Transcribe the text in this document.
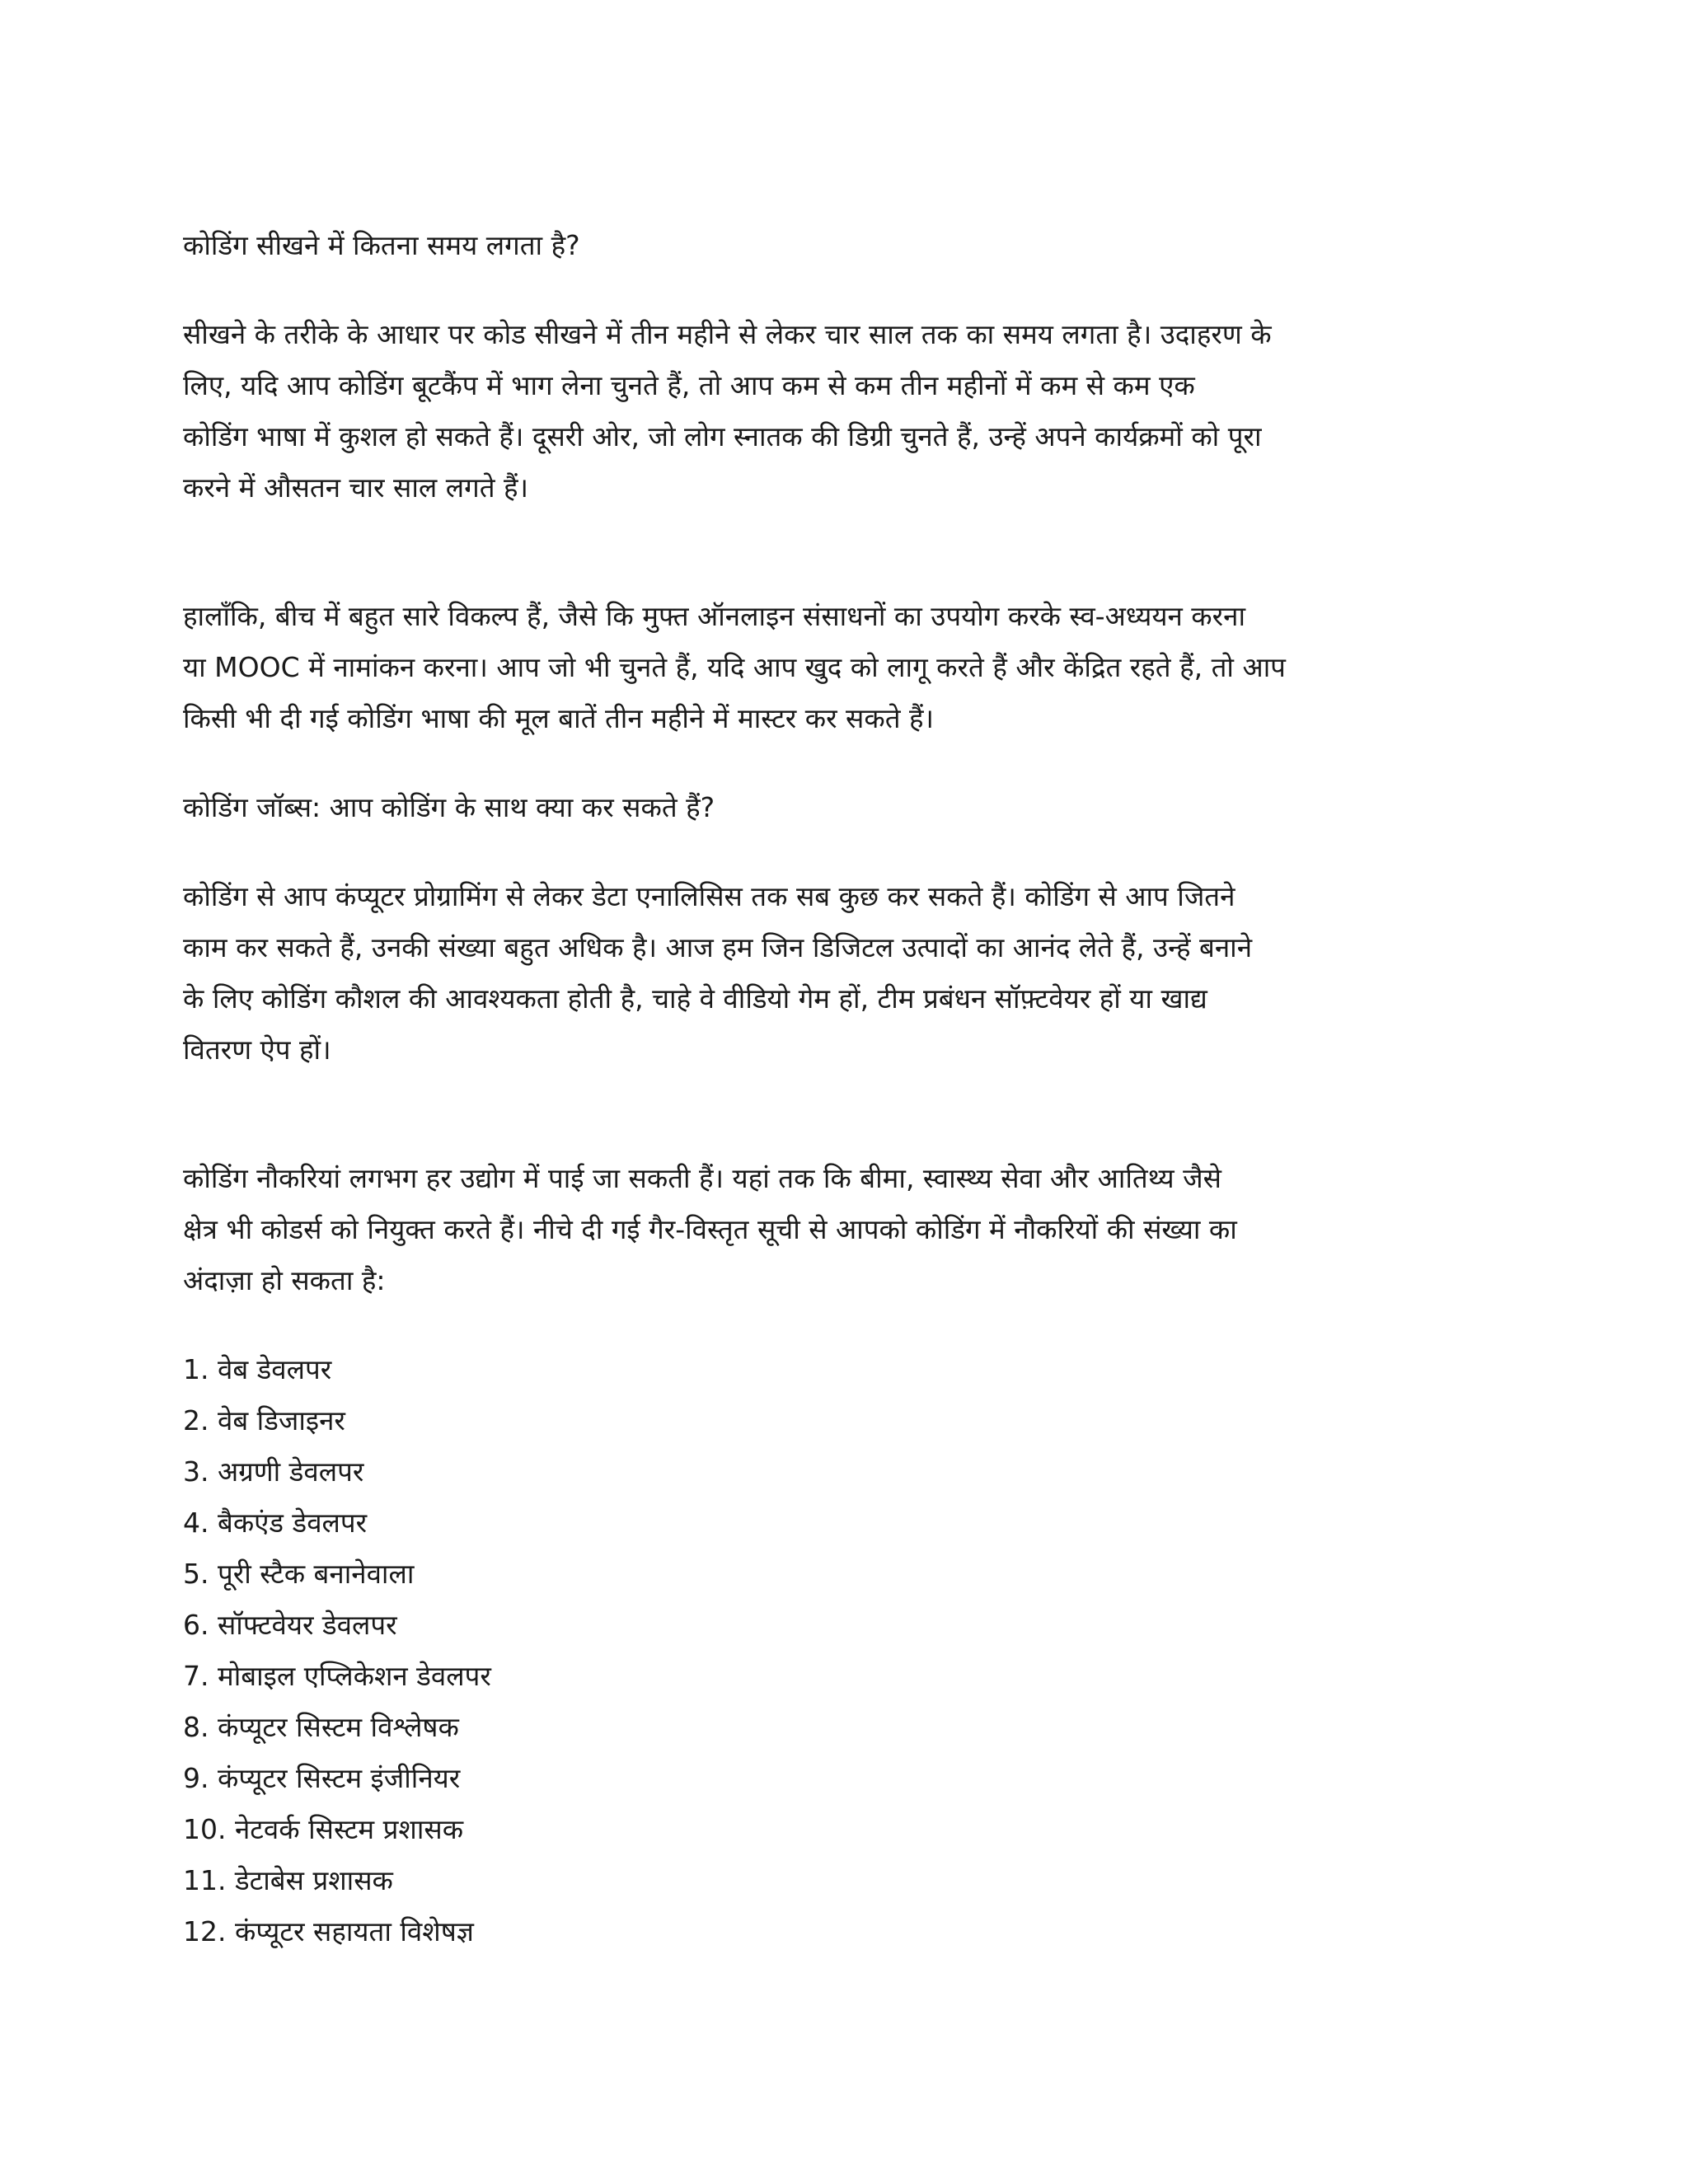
कोडिंग सीखने में कितना समय लगता है?
सीखने के तरीके के आधार पर कोड सीखने में तीन महीने से लेकर चार साल तक का समय लगता है। उदाहरण के
लिए, यदि आप कोडिंग बूटकैंप में भाग लेना चुनते हैं, तो आप कम से कम तीन महीनों में कम से कम एक
कोडिंग भाषा में कुशल हो सकते हैं। दूसरी ओर, जो लोग स्नातक की डिग्री चुनते हैं, उन्हें अपने कार्यक्रमों को पूरा
करने में औसतन चार साल लगते हैं।
हालाँकि, बीच में बहुत सारे विकल्प हैं, जैसे कि मुफ्त ऑनलाइन संसाधनों का उपयोग करके स्व-अध्ययन करना
या MOOC में नामांकन करना। आप जो भी चुनते हैं, यदि आप खुद को लागू करते हैं और केंद्रित रहते हैं, तो आप
किसी भी दी गई कोडिंग भाषा की मूल बातें तीन महीने में मास्टर कर सकते हैं।
कोडिंग जॉब्स: आप कोडिंग के साथ क्या कर सकते हैं?
कोडिंग से आप कंप्यूटर प्रोग्रामिंग से लेकर डेटा एनालिसिस तक सब कुछ कर सकते हैं। कोडिंग से आप जितने
काम कर सकते हैं, उनकी संख्या बहुत अधिक है। आज हम जिन डिजिटल उत्पादों का आनंद लेते हैं, उन्हें बनाने
के लिए कोडिंग कौशल की आवश्यकता होती है, चाहे वे वीडियो गेम हों, टीम प्रबंधन सॉफ़्टवेयर हों या खाद्य
वितरण ऐप हों।
कोडिंग नौकरियां लगभग हर उद्योग में पाई जा सकती हैं। यहां तक कि बीमा, स्वास्थ्य सेवा और आतिथ्य जैसे
क्षेत्र भी कोडर्स को नियुक्त करते हैं। नीचे दी गई गैर-विस्तृत सूची से आपको कोडिंग में नौकरियों की संख्या का
अंदाज़ा हो सकता है:
1. वेब डेवलपर
2. वेब डिजाइनर
3. अग्रणी डेवलपर
4. बैकएंड डेवलपर
5. पूरी स्टैक बनानेवाला
6. सॉफ्टवेयर डेवलपर
7. मोबाइल एप्लिकेशन डेवलपर
8. कंप्यूटर सिस्टम विश्लेषक
9. कंप्यूटर सिस्टम इंजीनियर
10. नेटवर्क सिस्टम प्रशासक
11. डेटाबेस प्रशासक
12. कंप्यूटर सहायता विशेषज्ञ
